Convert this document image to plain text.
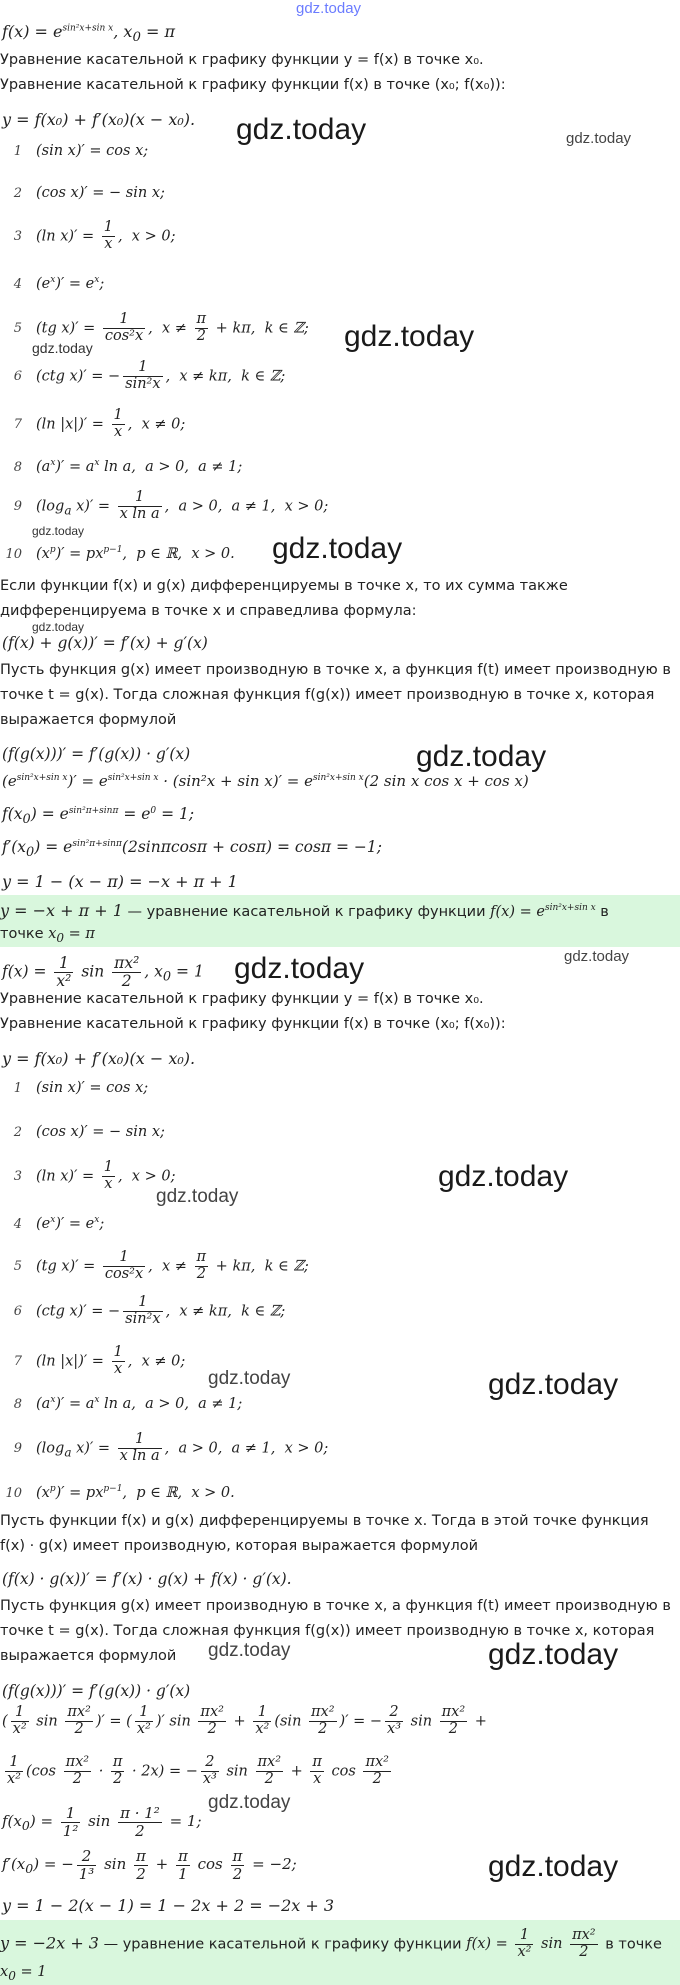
gdz.today
$f(x) = e^{sin^2x+sin x}$, $x_0 = \pi$
Уравнение касательной к графику функции y = f(x) в точке x₀.
Уравнение касательной к графику функции f(x) в точке (x₀; f(x₀)):
y = f(x₀) + f′(x₀)(x − x₀).
1 (sin x)′ = cos x;
2 (cos x)′ = − sin x;
3 (ln $x)' = \frac{1}{x}$ ,  x > 0;
4 $(e^x)' = e^x$;
5 (tg $x)' = \frac{1}{\text{cos²x}}$ ,  $x \ne \frac{\pi}{2} + k\pi$,  k ∈ ℤ;
6 (ctg x)′ = − $\frac{1}{\text{sin²x}}$ ,  x ≠ kπ,  k ∈ ℤ;
7 (ln $|x|)' = \frac{1}{x}$ ,  x ≠ 0;
8 $(a^x)' = a^x$ ln a,  a > 0,  a ≠ 1;
9 ($\log_a$ $x)' = \frac{1}{\text{x ln a}}$ ,  a > 0,  a ≠ 1,  x > 0;
10 $(x^p)' = px^{p-1}$,  p ∈ ℝ,  x > 0.
Если функции f(x) и g(x) дифференцируемы в точке x, то их сумма также
дифференцируема в точке x и справедлива формула:
(f(x) + g(x))′ = f′(x) + g′(x)
Пусть функция g(x) имеет производную в точке x, а функция f(t) имеет производную в
точке t = g(x). Тогда сложная функция f(g(x)) имеет производную в точке x, которая
выражается формулой
(f(g(x)))′ = f′(g(x)) · g′(x)
$(e^{sin^2x+sin x})' = e^{sin^2x+sin x} \cdot (\sin^2x + \sin x)' = e^{sin^2x+sin x}(2$ sin x cos x + cos x)
$f(x_0) = e^{sin^2\pi+sin\pi} = e^0 = 1$;
$f'(x_0) = e^{sin^2\pi+sin\pi}(2\sin\pi\cos\pi + \cos\pi) = \cos\pi = -1$;
y = 1 − (x − π) = −x + π + 1
y = −x + π + 1 — уравнение касательной к графику функции $f(x) = e^{sin^2x+sin x}$ в
точке $x_0 = \pi$
$f(x) = \frac{1}{\text{x²}}$ $\sin \frac{\text{πx²}}{2}$ , $x_0 = 1$
Уравнение касательной к графику функции y = f(x) в точке x₀.
Уравнение касательной к графику функции f(x) в точке (x₀; f(x₀)):
y = f(x₀) + f′(x₀)(x − x₀).
1 (sin x)′ = cos x;
2 (cos x)′ = − sin x;
3 (ln $x)' = \frac{1}{x}$ ,  x > 0;
4 $(e^x)' = e^x$;
5 (tg $x)' = \frac{1}{\text{cos²x}}$ ,  $x \ne \frac{\pi}{2} + k\pi$,  k ∈ ℤ;
6 (ctg x)′ = − $\frac{1}{\text{sin²x}}$ ,  x ≠ kπ,  k ∈ ℤ;
7 (ln $|x|)' = \frac{1}{x}$ ,  x ≠ 0;
8 $(a^x)' = a^x$ ln a,  a > 0,  a ≠ 1;
9 ($\log_a$ $x)' = \frac{1}{\text{x ln a}}$ ,  a > 0,  a ≠ 1,  x > 0;
10 $(x^p)' = px^{p-1}$,  p ∈ ℝ,  x > 0.
Пусть функции f(x) и g(x) дифференцируемы в точке x. Тогда в этой точке функция
f(x) · g(x) имеет производную, которая выражается формулой
(f(x) · g(x))′ = f′(x) · g(x) + f(x) · g′(x).
Пусть функция g(x) имеет производную в точке x, а функция f(t) имеет производную в
точке t = g(x). Тогда сложная функция f(g(x)) имеет производную в точке x, которая
выражается формулой
(f(g(x)))′ = f′(g(x)) · g′(x)
( $\frac{1}{\text{x²}}$ $\sin \frac{\text{πx²}}{2}$ )′ = ( $\frac{1}{\text{x²}}$ )′ $\sin \frac{\text{πx²}}{2} + \frac{1}{\text{x²}} (\sin \frac{\text{πx²}}{2}$ )′ = − $\frac{2}{\text{x³}}$ $\sin \frac{\text{πx²}}{2}$ +
$\frac{1}{\text{x²}} (\cos \frac{\text{πx²}}{2} \cdot \frac{\pi}{2} \cdot 2x)$ = − $\frac{2}{\text{x³}}$ $\sin \frac{\text{πx²}}{2} + \frac{\pi}{x}$ $\cos \frac{\text{πx²}}{2}$
$f(x_0) = \frac{1}{\text{1²}}$ $\sin \frac{\text{π · 1²}}{2} = 1$;
$f'(x_0)$ = − $\frac{2}{\text{1³}}$ $\sin \frac{\pi}{2} + \frac{\pi}{1}$ $\cos \frac{\pi}{2} = -2$;
y = 1 − 2(x − 1) = 1 − 2x + 2 = −2x + 3
y = −2x + 3 — уравнение касательной к графику функции $f(x) = \frac{1}{\text{x²}}$ $\sin \frac{\text{πx²}}{2}$ в точке
$x_0 = 1$
gdz.today	gdz.today
gdz.today
gdz.today
gdz.today
gdz.today
gdz.today
gdz.today
gdz.today	gdz.today
gdz.today
gdz.today
gdz.today	gdz.today
gdz.today	gdz.today
gdz.today
gdz.today
